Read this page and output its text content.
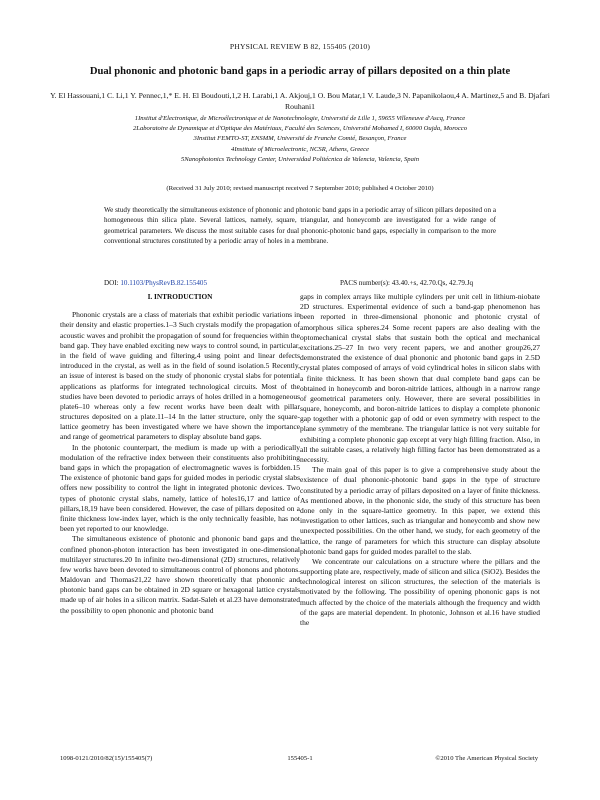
PHYSICAL REVIEW B 82, 155405 (2010)
Dual phononic and photonic band gaps in a periodic array of pillars deposited on a thin plate
Y. El Hassouani,1 C. Li,1 Y. Pennec,1,* E. H. El Boudouti,1,2 H. Larabi,1 A. Akjouj,1 O. Bou Matar,1 V. Laude,3 N. Papanikolaou,4 A. Martinez,5 and B. Djafari Rouhani1
1Institut d'Electronique, de Microélectronique et de Nanotechnologie, Université de Lille 1, 59655 Villeneuve d'Ascq, France
2Laboratoire de Dynamique et d'Optique des Matériaux, Faculté des Sciences, Université Mohamed I, 60000 Oujda, Morocco
3Institut FEMTO-ST, ENSMM, Université de Franche Comté, Besançon, France
4Institute of Microelectronic, NCSR, Athens, Greece
5Nanophotonics Technology Center, Universidad Politécnica de Valencia, Valencia, Spain
(Received 31 July 2010; revised manuscript received 7 September 2010; published 4 October 2010)
We study theoretically the simultaneous existence of phononic and photonic band gaps in a periodic array of silicon pillars deposited on a homogeneous thin silica plate. Several lattices, namely, square, triangular, and honeycomb are investigated for a wide range of geometrical parameters. We discuss the most suitable cases for dual phononic-photonic band gaps, especially in comparison to the more conventional structures constituted by a periodic array of holes in a membrane.
DOI: 10.1103/PhysRevB.82.155405	PACS number(s): 43.40.+s, 42.70.Qs, 42.79.Jq
I. INTRODUCTION

Phononic crystals are a class of materials that exhibit periodic variations in their density and elastic properties.1–3 Such crystals modify the propagation of acoustic waves and prohibit the propagation of sound for frequencies within the band gap. They have enabled exciting new ways to control sound, in particular, in the field of wave guiding and filtering,4 using point and linear defects introduced in the crystal, as well as in the field of sound isolation.5 Recently, an issue of interest is based on the study of phononic crystal slabs for potential applications as platforms for integrated technological circuits. Most of the studies have been devoted to periodic arrays of holes drilled in a homogeneous plate6–10 whereas only a few recent works have been dealt with pillar structures deposited on a plate.11–14 In the latter structure, only the square-lattice geometry has been investigated where we have shown the importance and range of geometrical parameters to display absolute band gaps.

In the photonic counterpart, the medium is made up with a periodically modulation of the refractive index between their constituents also prohibiting band gaps in which the propagation of electromagnetic waves is forbidden.15 The existence of photonic band gaps for guided modes in periodic crystal slabs offers new possibility to control the light in integrated photonic devices. Two types of photonic crystal slabs, namely, lattice of holes16,17 and lattice of pillars,18,19 have been considered. However, the case of pillars deposited on a finite thickness low-index layer, which is the only technically feasible, has not been yet reported to our knowledge.

The simultaneous existence of photonic and phononic band gaps and the confined phonon-photon interaction has been investigated in one-dimensional multilayer structures.20 In infinite two-dimensional (2D) structures, relatively few works have been devoted to simultaneous control of phonons and photons. Maldovan and Thomas21,22 have shown theoretically that phononic and photonic band gaps can be obtained in 2D square or hexagonal lattice crystals made up of air holes in a silicon matrix. Sadat-Saleh et al.23 have demonstrated the possibility to open phononic and photonic band

gaps in complex arrays like multiple cylinders per unit cell in lithium-niobate 2D structures. Experimental evidence of such a band-gap phenomenon has been reported in three-dimensional phononic and photonic crystal of amorphous silica spheres.24 Some recent papers are also dealing with the optomechanical crystal slabs that sustain both the optical and mechanical excitations.25–27 In two very recent papers, we and another group26,27 demonstrated the existence of dual phononic and photonic band gaps in 2.5D crystal plates composed of arrays of void cylindrical holes in silicon slabs with a finite thickness. It has been shown that dual complete band gaps can be obtained in honeycomb and boron-nitride lattices, although in a narrow range of geometrical parameters only. However, there are several possibilities in square, honeycomb, and boron-nitride lattices to display a complete phononic gap together with a photonic gap of odd or even symmetry with respect to the plane symmetry of the membrane. The triangular lattice is not very suitable for exhibiting a complete phononic gap except at very high filling fraction. Also, in all the suitable cases, a relatively high filling factor has been demonstrated as a necessity.

The main goal of this paper is to give a comprehensive study about the existence of dual phononic-photonic band gaps in the type of structure constituted by a periodic array of pillars deposited on a layer of finite thickness. As mentioned above, in the phononic side, the study of this structure has been done only in the square-lattice geometry. In this paper, we extend this investigation to other lattices, such as triangular and honeycomb and show new unexpected possibilities. On the other hand, we study, for each geometry of the lattice, the range of parameters for which this structure can display absolute photonic band gaps for guided modes parallel to the slab.

We concentrate our calculations on a structure where the pillars and the supporting plate are, respectively, made of silicon and silica (SiO2). Besides the technological interest on silicon structures, the selection of the materials is motivated by the following. The possibility of opening phononic gaps is not much affected by the choice of the materials although the frequency and width of the gaps are material dependent. In photonic, Johnson et al.16 have studied the

1098-0121/2010/82(15)/155405(7)	155405-1	©2010 The American Physical Society
